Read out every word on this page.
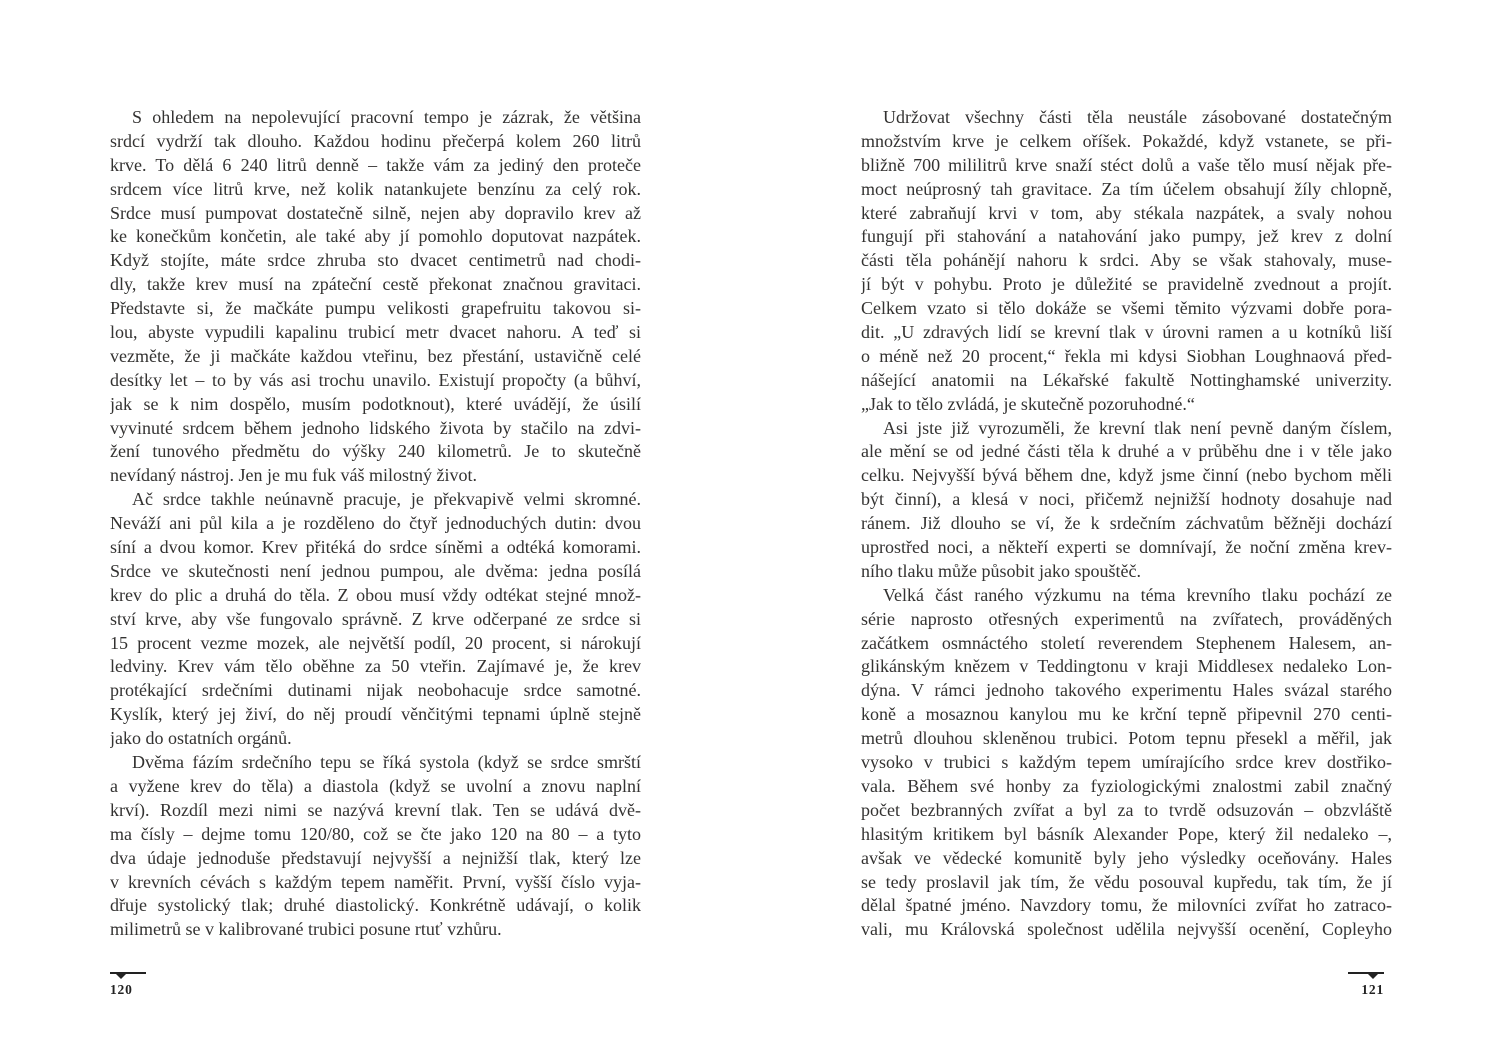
S ohledem na nepolevující pracovní tempo je zázrak, že většina
srdcí vydrží tak dlouho. Každou hodinu přečerpá kolem 260 litrů
krve. To dělá 6 240 litrů denně – takže vám za jediný den proteče
srdcem více litrů krve, než kolik natankujete benzínu za celý rok.
Srdce musí pumpovat dostatečně silně, nejen aby dopravilo krev až
ke konečkům končetin, ale také aby jí pomohlo doputovat nazpátek.
Když stojíte, máte srdce zhruba sto dvacet centimetrů nad chodi-
dly, takže krev musí na zpáteční cestě překonat značnou gravitaci.
Představte si, že mačkáte pumpu velikosti grapefruitu takovou si-
lou, abyste vypudili kapalinu trubicí metr dvacet nahoru. A teď si
vezměte, že ji mačkáte každou vteřinu, bez přestání, ustavičně celé
desítky let – to by vás asi trochu unavilo. Existují propočty (a bůhví,
jak se k nim dospělo, musím podotknout), které uvádějí, že úsilí
vyvinuté srdcem během jednoho lidského života by stačilo na zdvi-
žení tunového předmětu do výšky 240 kilometrů. Je to skutečně
nevídaný nástroj. Jen je mu fuk váš milostný život.
Ač srdce takhle neúnavně pracuje, je překvapivě velmi skromné.
Neváží ani půl kila a je rozděleno do čtyř jednoduchých dutin: dvou
síní a dvou komor. Krev přitéká do srdce síněmi a odtéká komorami.
Srdce ve skutečnosti není jednou pumpou, ale dvěma: jedna posílá
krev do plic a druhá do těla. Z obou musí vždy odtékat stejné množ-
ství krve, aby vše fungovalo správně. Z krve odčerpané ze srdce si
15 procent vezme mozek, ale největší podíl, 20 procent, si nárokují
ledviny. Krev vám tělo oběhne za 50 vteřin. Zajímavé je, že krev
protékající srdečními dutinami nijak neobohacuje srdce samotné.
Kyslík, který jej živí, do něj proudí věnčitými tepnami úplně stejně
jako do ostatních orgánů.
Dvěma fázím srdečního tepu se říká systola (když se srdce smrští
a vyžene krev do těla) a diastola (když se uvolní a znovu naplní
krví). Rozdíl mezi nimi se nazývá krevní tlak. Ten se udává dvě-
ma čísly – dejme tomu 120/80, což se čte jako 120 na 80 – a tyto
dva údaje jednoduše představují nejvyšší a nejnižší tlak, který lze
v krevních cévách s každým tepem naměřit. První, vyšší číslo vyja-
dřuje systolický tlak; druhé diastolický. Konkrétně udávají, o kolik
milimetrů se v kalibrované trubici posune rtuť vzhůru.
Udržovat všechny části těla neustále zásobované dostatečným
množstvím krve je celkem oříšek. Pokaždé, když vstanete, se při-
bližně 700 mililitrů krve snaží stéct dolů a vaše tělo musí nějak pře-
moct neúprosný tah gravitace. Za tím účelem obsahují žíly chlopně,
které zabraňují krvi v tom, aby stékala nazpátek, a svaly nohou
fungují při stahování a natahování jako pumpy, jež krev z dolní
části těla pohánějí nahoru k srdci. Aby se však stahovaly, muse-
jí být v pohybu. Proto je důležité se pravidelně zvednout a projít.
Celkem vzato si tělo dokáže se všemi těmito výzvami dobře pora-
dit. „U zdravých lidí se krevní tlak v úrovni ramen a u kotníků liší
o méně než 20 procent,“ řekla mi kdysi Siobhan Loughnaová před-
nášející anatomii na Lékařské fakultě Nottinghamské univerzity.
„Jak to tělo zvládá, je skutečně pozoruhodné.“
Asi jste již vyrozuměli, že krevní tlak není pevně daným číslem,
ale mění se od jedné části těla k druhé a v průběhu dne i v těle jako
celku. Nejvyšší bývá během dne, když jsme činní (nebo bychom měli
být činní), a klesá v noci, přičemž nejnižší hodnoty dosahuje nad
ránem. Již dlouho se ví, že k srdečním záchvatům běžněji dochází
uprostřed noci, a někteří experti se domnívají, že noční změna krev-
ního tlaku může působit jako spouštěč.
Velká část raného výzkumu na téma krevního tlaku pochází ze
série naprosto otřesných experimentů na zvířatech, prováděných
začátkem osmnáctého století reverendem Stephenem Halesem, an-
glikánským knězem v Teddingtonu v kraji Middlesex nedaleko Lon-
dýna. V rámci jednoho takového experimentu Hales svázal starého
koně a mosaznou kanylou mu ke krční tepně připevnil 270 centi-
metrů dlouhou skleněnou trubici. Potom tepnu přesekl a měřil, jak
vysoko v trubici s každým tepem umírajícího srdce krev dostřiko-
vala. Během své honby za fyziologickými znalostmi zabil značný
počet bezbranných zvířat a byl za to tvrdě odsuzován – obzvláště
hlasitým kritikem byl básník Alexander Pope, který žil nedaleko –,
avšak ve vědecké komunitě byly jeho výsledky oceňovány. Hales
se tedy proslavil jak tím, že vědu posouval kupředu, tak tím, že jí
dělal špatné jméno. Navzdory tomu, že milovníci zvířat ho zatraco-
vali, mu Královská společnost udělila nejvyšší ocenění, Copleyho
120	121
